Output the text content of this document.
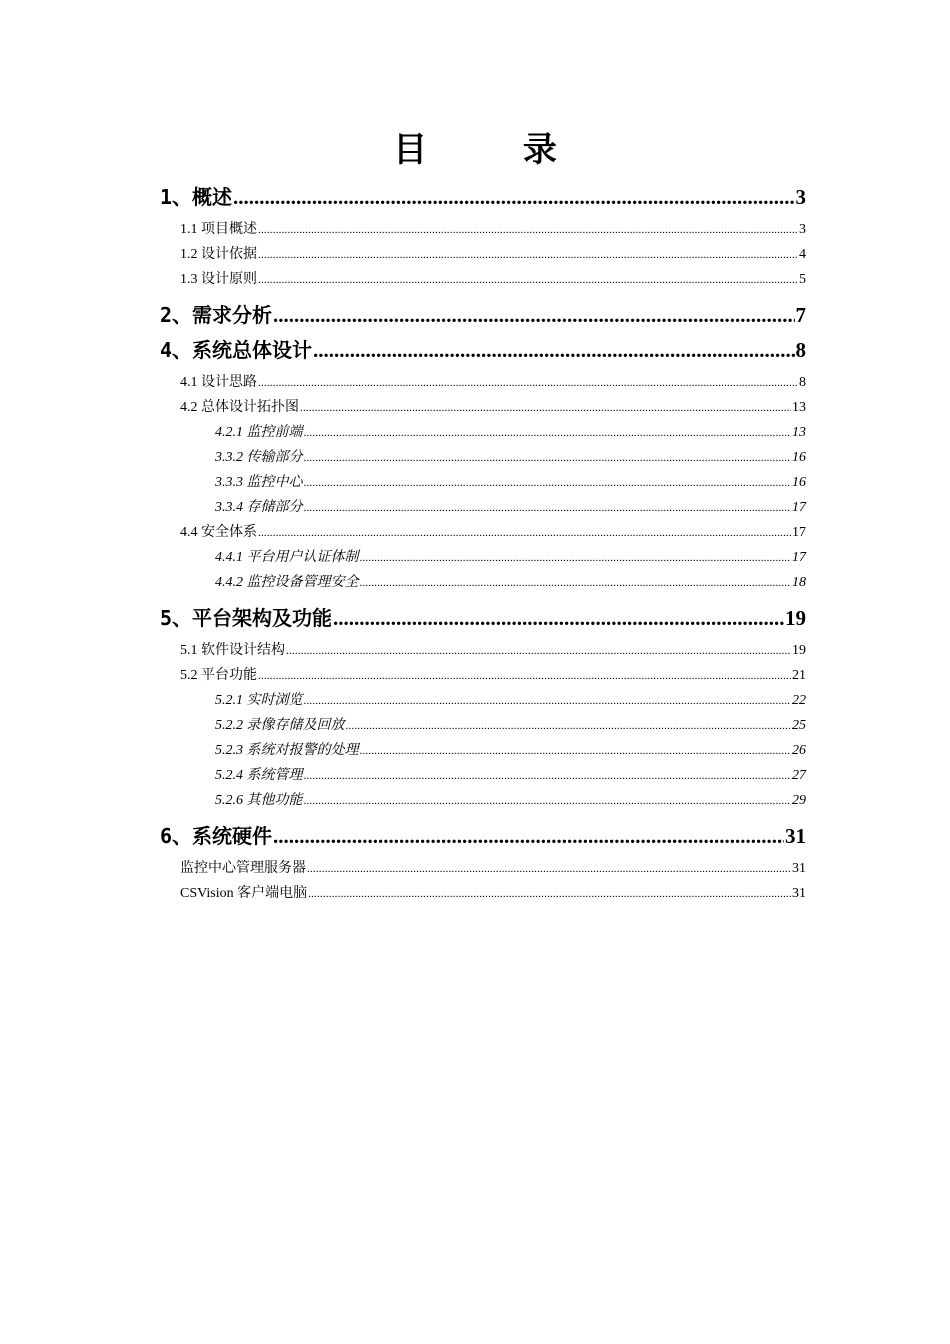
目 录
1、概述 .....	3
1.1 项目概述 .....	3
1.2 设计依据 .....	4
1.3 设计原则 .....	5
2、需求分析 .....	7
4、系统总体设计 .....	8
4.1 设计思路 .....	8
4.2 总体设计拓扑图 .....	13
4.2.1 监控前端 .....	13
3.3.2 传输部分 .....	16
3.3.3 监控中心 .....	16
3.3.4 存储部分 .....	17
4.4 安全体系 .....	17
4.4.1 平台用户认证体制 .....	17
4.4.2 监控设备管理安全 .....	18
5、平台架构及功能 .....	19
5.1 软件设计结构 .....	19
5.2 平台功能 .....	21
5.2.1 实时浏览 .....	22
5.2.2 录像存储及回放 .....	25
5.2.3 系统对报警的处理 .....	26
5.2.4 系统管理 .....	27
5.2.6 其他功能 .....	29
6、系统硬件 .....	31
监控中心管理服务器 .....	31
CSVision 客户端电脑 .....	31
